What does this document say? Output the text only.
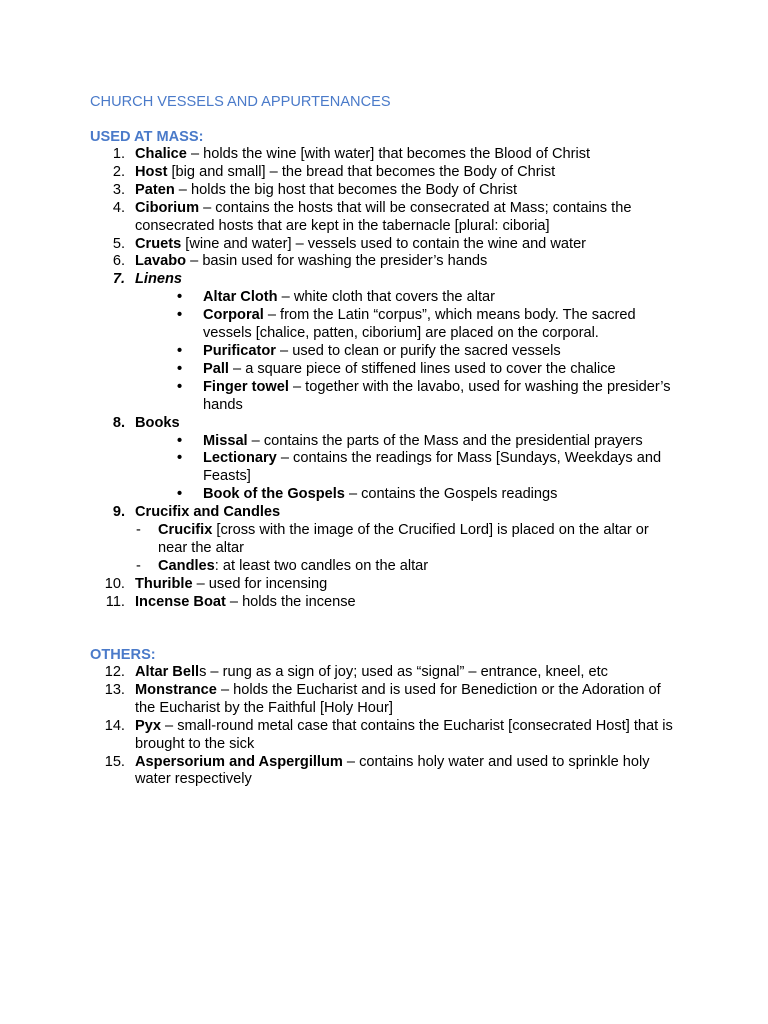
CHURCH VESSELS AND APPURTENANCES
USED AT MASS:
1. Chalice – holds the wine [with water] that becomes the Blood of Christ
2. Host [big and small] – the bread that becomes the Body of Christ
3. Paten – holds the big host that becomes the Body of Christ
4. Ciborium – contains the hosts that will be consecrated at Mass; contains the consecrated hosts that are kept in the tabernacle [plural: ciboria]
5. Cruets [wine and water] – vessels used to contain the wine and water
6. Lavabo – basin used for washing the presider’s hands
7. Linens
• Altar Cloth – white cloth that covers the altar
• Corporal – from the Latin “corpus”, which means body. The sacred vessels [chalice, patten, ciborium] are placed on the corporal.
• Purificator – used to clean or purify the sacred vessels
• Pall – a square piece of stiffened lines used to cover the chalice
• Finger towel – together with the lavabo, used for washing the presider’s hands
8. Books
• Missal – contains the parts of the Mass and the presidential prayers
• Lectionary – contains the readings for Mass [Sundays, Weekdays and Feasts]
• Book of the Gospels – contains the Gospels readings
9. Crucifix and Candles
- Crucifix [cross with the image of the Crucified Lord] is placed on the altar or near the altar
- Candles: at least two candles on the altar
10. Thurible – used for incensing
11. Incense Boat – holds the incense
OTHERS:
12. Altar Bells – rung as a sign of joy; used as “signal” – entrance, kneel, etc
13. Monstrance – holds the Eucharist and is used for Benediction or the Adoration of the Eucharist by the Faithful [Holy Hour]
14. Pyx – small-round metal case that contains the Eucharist [consecrated Host] that is brought to the sick
15. Aspersorium and Aspergillum – contains holy water and used to sprinkle holy water respectively
